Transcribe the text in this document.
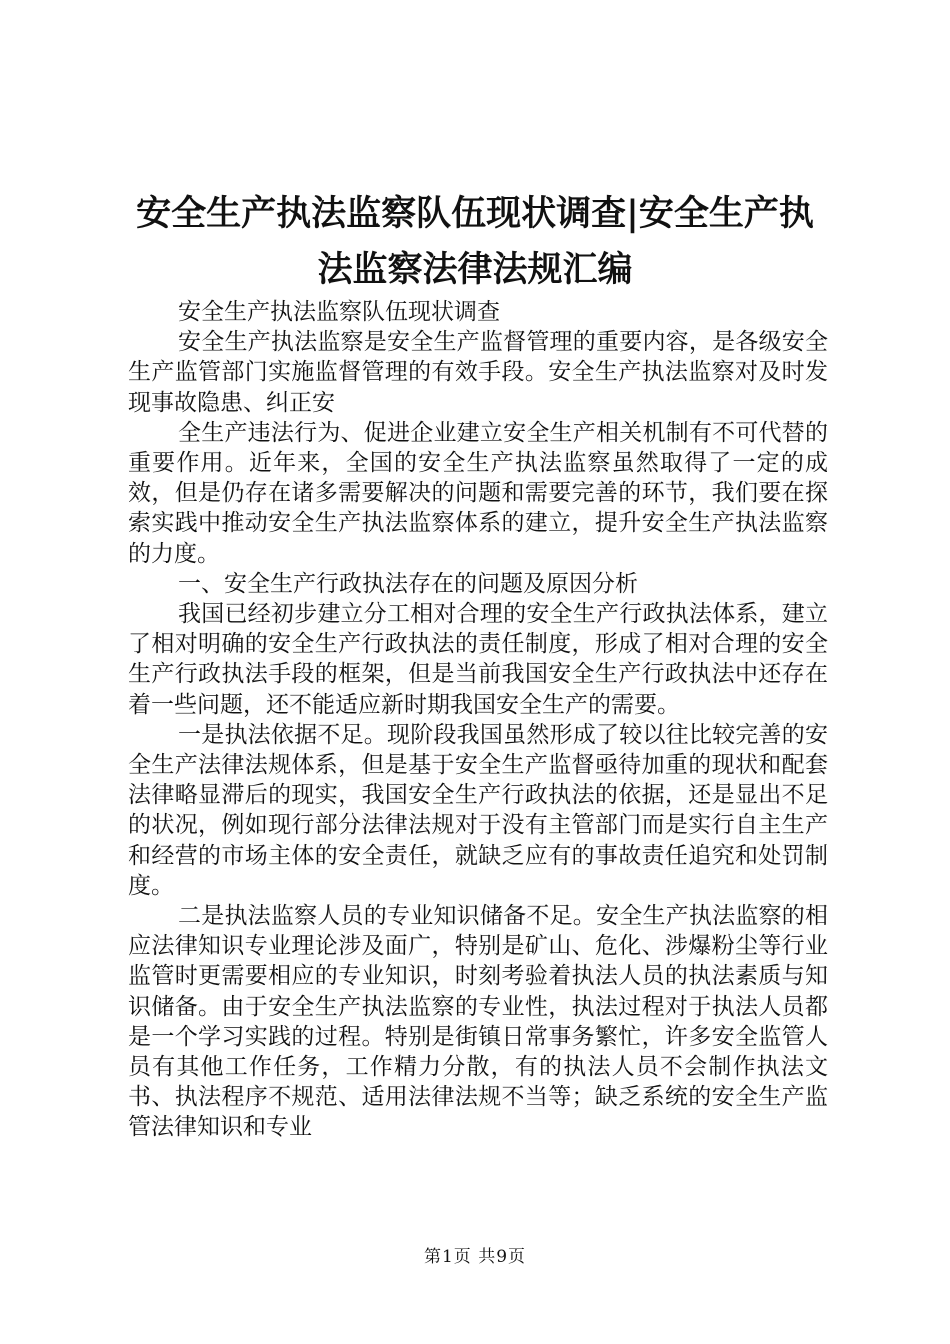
安全生产执法监察队伍现状调查|安全生产执
法监察法律法规汇编

安全生产执法监察队伍现状调查

安全生产执法监察是安全生产监督管理的重要内容，是各级安全生产监管部门实施监督管理的有效手段。安全生产执法监察对及时发现事故隐患、纠正安

全生产违法行为、促进企业建立安全生产相关机制有不可代替的重要作用。近年来，全国的安全生产执法监察虽然取得了一定的成效，但是仍存在诸多需要解决的问题和需要完善的环节，我们要在探索实践中推动安全生产执法监察体系的建立，提升安全生产执法监察的力度。

一、安全生产行政执法存在的问题及原因分析

我国已经初步建立分工相对合理的安全生产行政执法体系，建立了相对明确的安全生产行政执法的责任制度，形成了相对合理的安全生产行政执法手段的框架，但是当前我国安全生产行政执法中还存在着一些问题，还不能适应新时期我国安全生产的需要。

一是执法依据不足。现阶段我国虽然形成了较以往比较完善的安全生产法律法规体系，但是基于安全生产监督亟待加重的现状和配套法律略显滞后的现实，我国安全生产行政执法的依据，还是显出不足的状况，例如现行部分法律法规对于没有主管部门而是实行自主生产和经营的市场主体的安全责任，就缺乏应有的事故责任追究和处罚制度。

二是执法监察人员的专业知识储备不足。安全生产执法监察的相应法律知识专业理论涉及面广，特别是矿山、危化、涉爆粉尘等行业监管时更需要相应的专业知识，时刻考验着执法人员的执法素质与知识储备。由于安全生产执法监察的专业性，执法过程对于执法人员都是一个学习实践的过程。特别是街镇日常事务繁忙，许多安全监管人员有其他工作任务，工作精力分散，有的执法人员不会制作执法文书、执法程序不规范、适用法律法规不当等；缺乏系统的安全生产监管法律知识和专业

第1页 共9页
